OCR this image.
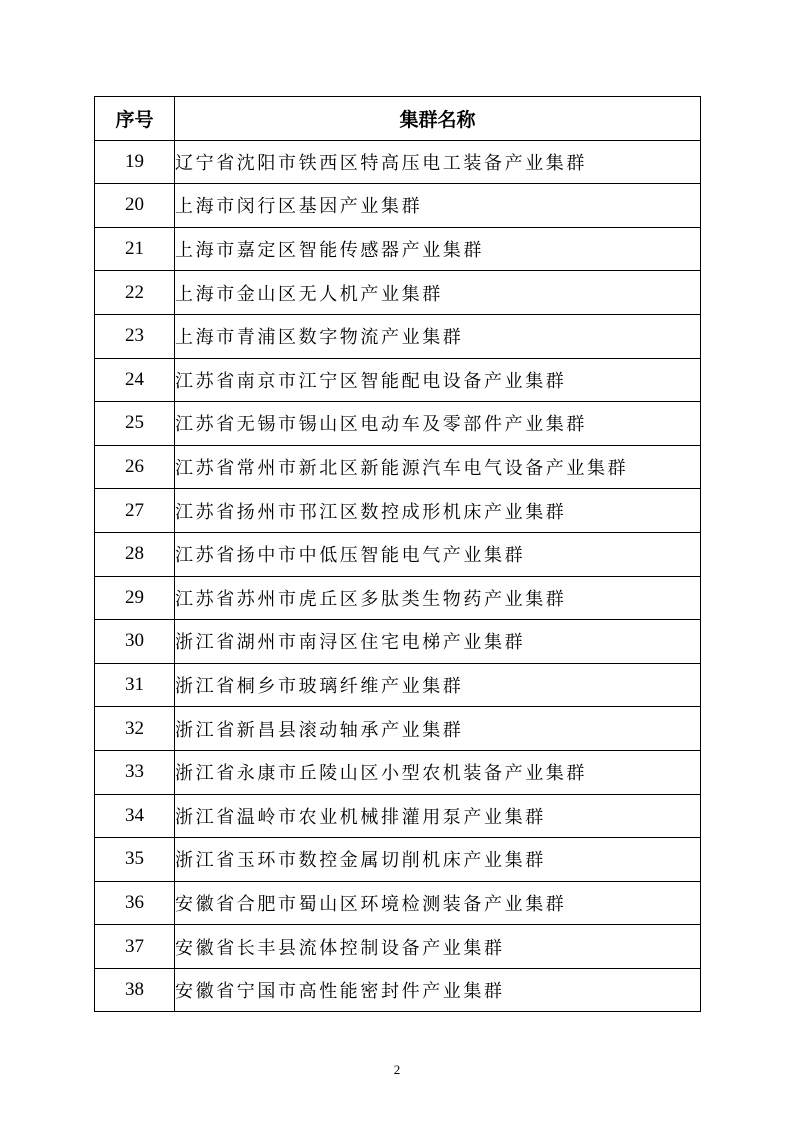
序号	集群名称
19	辽宁省沈阳市铁西区特高压电工装备产业集群
20	上海市闵行区基因产业集群
21	上海市嘉定区智能传感器产业集群
22	上海市金山区无人机产业集群
23	上海市青浦区数字物流产业集群
24	江苏省南京市江宁区智能配电设备产业集群
25	江苏省无锡市锡山区电动车及零部件产业集群
26	江苏省常州市新北区新能源汽车电气设备产业集群
27	江苏省扬州市邗江区数控成形机床产业集群
28	江苏省扬中市中低压智能电气产业集群
29	江苏省苏州市虎丘区多肽类生物药产业集群
30	浙江省湖州市南浔区住宅电梯产业集群
31	浙江省桐乡市玻璃纤维产业集群
32	浙江省新昌县滚动轴承产业集群
33	浙江省永康市丘陵山区小型农机装备产业集群
34	浙江省温岭市农业机械排灌用泵产业集群
35	浙江省玉环市数控金属切削机床产业集群
36	安徽省合肥市蜀山区环境检测装备产业集群
37	安徽省长丰县流体控制设备产业集群
38	安徽省宁国市高性能密封件产业集群
2
